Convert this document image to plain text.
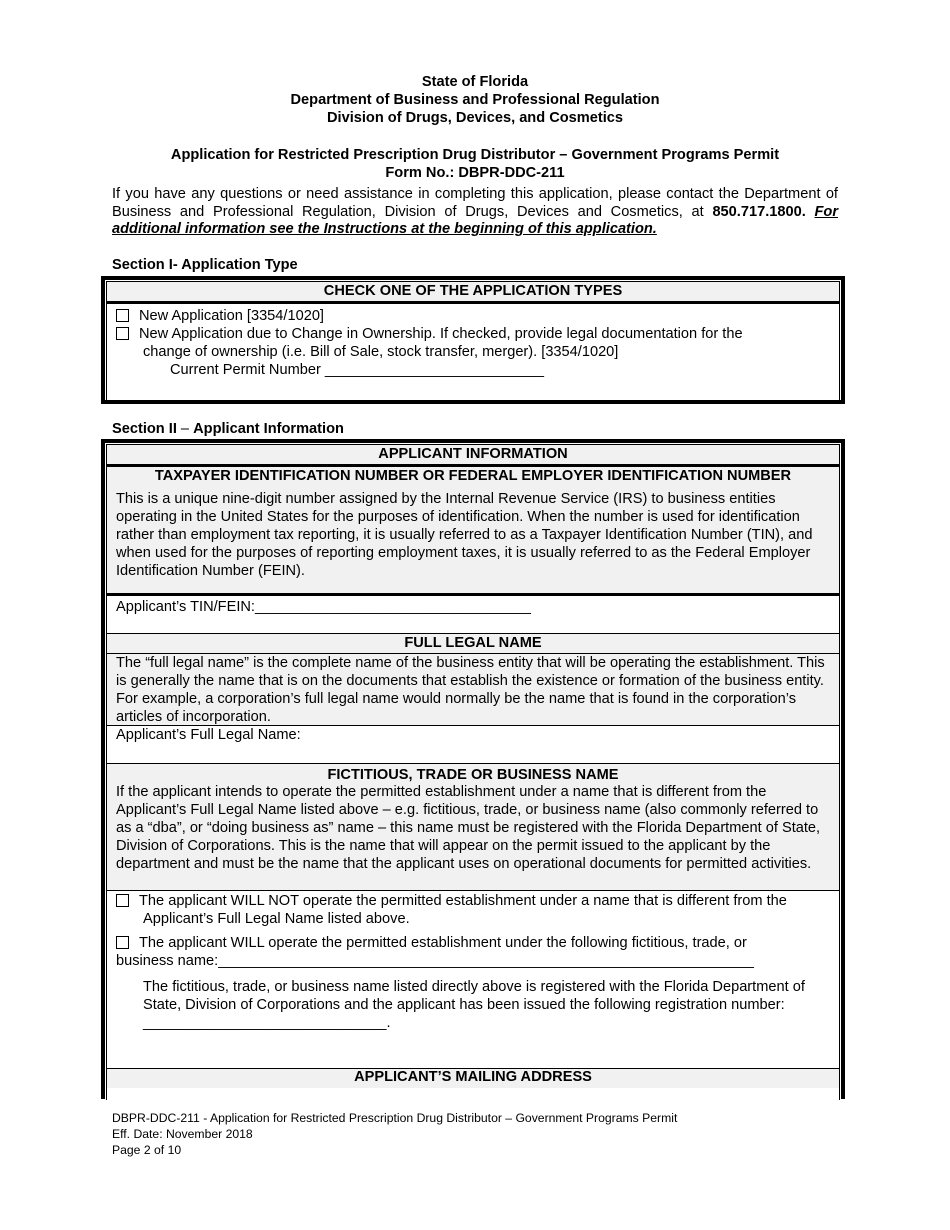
State of Florida
Department of Business and Professional Regulation
Division of Drugs, Devices, and Cosmetics
Application for Restricted Prescription Drug Distributor – Government Programs Permit
Form No.: DBPR-DDC-211
If you have any questions or need assistance in completing this application, please contact the Department of Business and Professional Regulation, Division of Drugs, Devices and Cosmetics, at 850.717.1800. For additional information see the Instructions at the beginning of this application.
Section I- Application Type
CHECK ONE OF THE APPLICATION TYPES
New Application [3354/1020]
New Application due to Change in Ownership. If checked, provide legal documentation for the
change of ownership (i.e. Bill of Sale, stock transfer, merger). [3354/1020]
Current Permit Number ___________________________
Section II – Applicant Information
APPLICANT INFORMATION
TAXPAYER IDENTIFICATION NUMBER OR FEDERAL EMPLOYER IDENTIFICATION NUMBER
This is a unique nine-digit number assigned by the Internal Revenue Service (IRS) to business entities operating in the United States for the purposes of identification. When the number is used for identification rather than employment tax reporting, it is usually referred to as a Taxpayer Identification Number (TIN), and when used for the purposes of reporting employment taxes, it is usually referred to as the Federal Employer Identification Number (FEIN).
Applicant’s TIN/FEIN:__________________________________
FULL LEGAL NAME
The “full legal name” is the complete name of the business entity that will be operating the establishment. This is generally the name that is on the documents that establish the existence or formation of the business entity. For example, a corporation’s full legal name would normally be the name that is found in the corporation’s articles of incorporation.
Applicant’s Full Legal Name:
FICTITIOUS, TRADE OR BUSINESS NAME
If the applicant intends to operate the permitted establishment under a name that is different from the Applicant’s Full Legal Name listed above – e.g. fictitious, trade, or business name (also commonly referred to as a “dba”, or “doing business as” name – this name must be registered with the Florida Department of State, Division of Corporations. This is the name that will appear on the permit issued to the applicant by the department and must be the name that the applicant uses on operational documents for permitted activities.
The applicant WILL NOT operate the permitted establishment under a name that is different from the
Applicant’s Full Legal Name listed above.
The applicant WILL operate the permitted establishment under the following fictitious, trade, or
business name:__________________________________________________________________
The fictitious, trade, or business name listed directly above is registered with the Florida Department of State, Division of Corporations and the applicant has been issued the following registration number: ______________________________.
APPLICANT’S MAILING ADDRESS
DBPR-DDC-211 - Application for Restricted Prescription Drug Distributor – Government Programs Permit
Eff. Date: November 2018
Page 2 of 10
